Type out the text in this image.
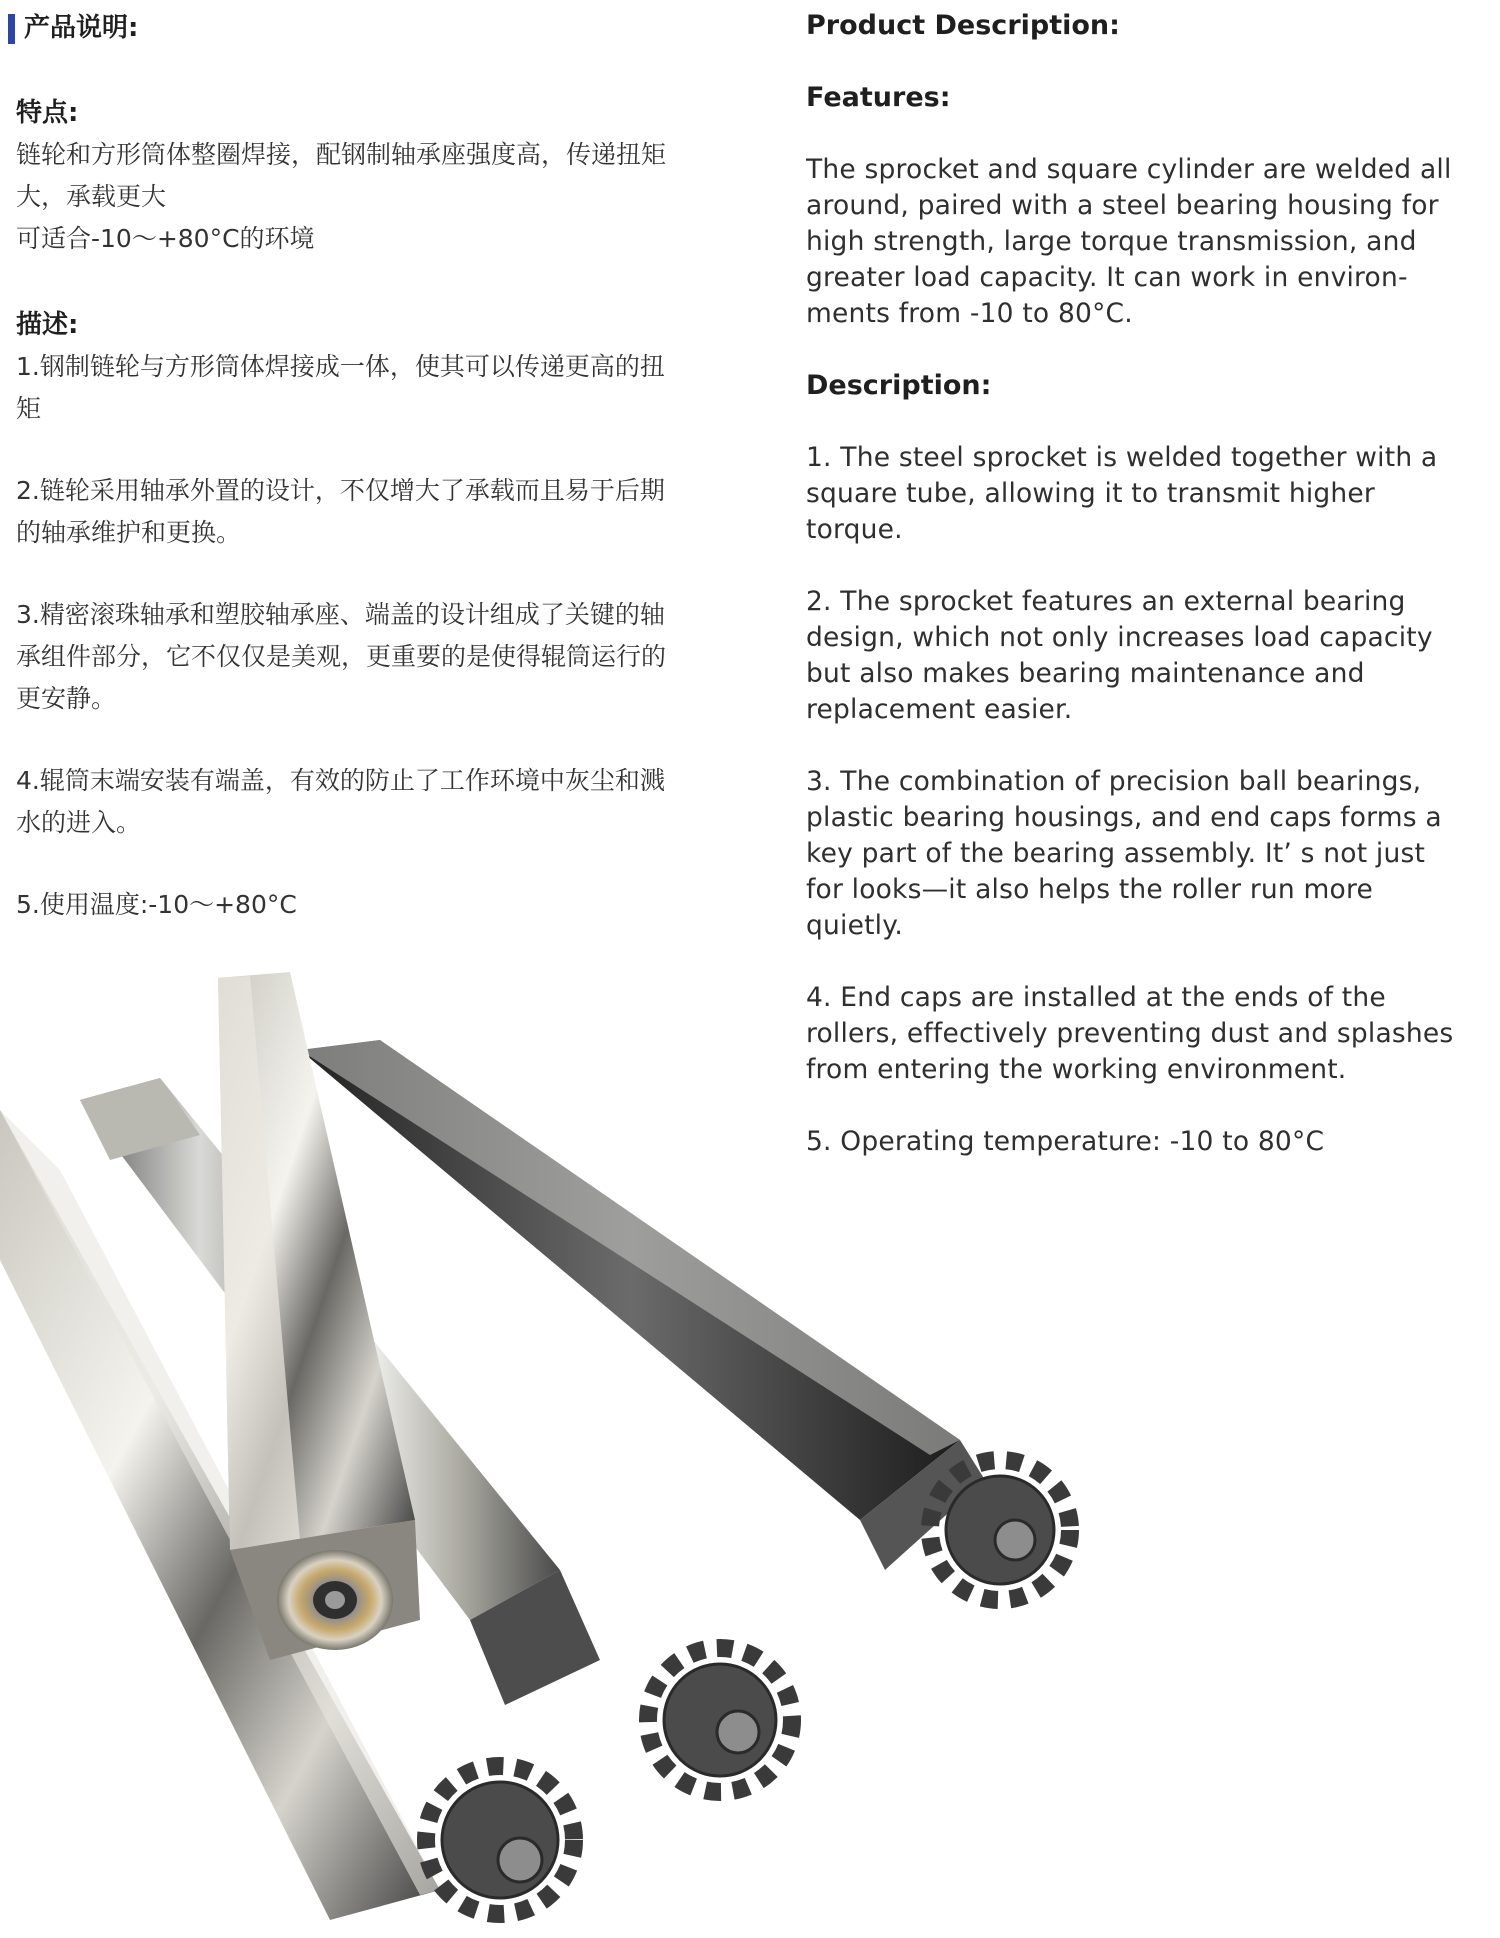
产品说明:
特点:

链轮和方形筒体整圈焊接，配钢制轴承座强度高，传递扭矩

大，承载更大

可适合-10～+80°C的环境

描述:

1.钢制链轮与方形筒体焊接成一体，使其可以传递更高的扭

矩

2.链轮采用轴承外置的设计，不仅增大了承载而且易于后期

的轴承维护和更换。

3.精密滚珠轴承和塑胶轴承座、端盖的设计组成了关键的轴

承组件部分，它不仅仅是美观，更重要的是使得辊筒运行的

更安静。

4.辊筒末端安装有端盖，有效的防止了工作环境中灰尘和溅

水的进入。

5.使用温度:-10～+80°C

Product Description:
Features:

The sprocket and square cylinder are welded all
around, paired with a steel bearing housing for
high strength, large torque transmission, and
greater load capacity. It can work in environ-
ments from -10 to 80°C.

Description:

1. The steel sprocket is welded together with a
square tube, allowing it to transmit higher
torque.

2. The sprocket features an external bearing
design, which not only increases load capacity
but also makes bearing maintenance and
replacement easier.

3. The combination of precision ball bearings,
plastic bearing housings, and end caps forms a
key part of the bearing assembly. It’ s not just
for looks—it also helps the roller run more
quietly.

4. End caps are installed at the ends of the
rollers, effectively preventing dust and splashes
from entering the working environment.

5. Operating temperature: -10 to 80°C
